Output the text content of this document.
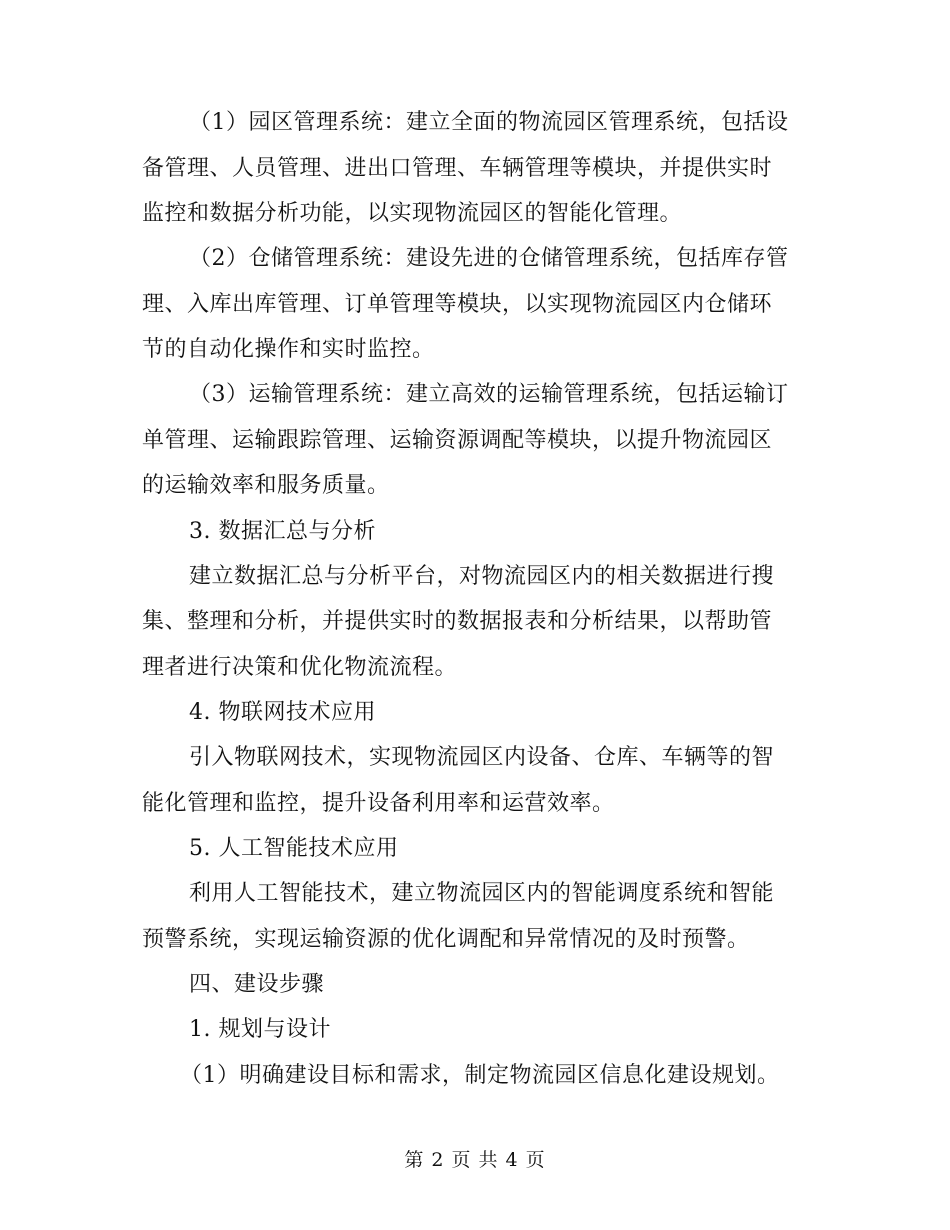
（1）园区管理系统：建立全面的物流园区管理系统，包括设
备管理、人员管理、进出口管理、车辆管理等模块，并提供实时
监控和数据分析功能，以实现物流园区的智能化管理。
（2）仓储管理系统：建设先进的仓储管理系统，包括库存管
理、入库出库管理、订单管理等模块，以实现物流园区内仓储环
节的自动化操作和实时监控。
（3）运输管理系统：建立高效的运输管理系统，包括运输订
单管理、运输跟踪管理、运输资源调配等模块，以提升物流园区
的运输效率和服务质量。
3. 数据汇总与分析
建立数据汇总与分析平台，对物流园区内的相关数据进行搜
集、整理和分析，并提供实时的数据报表和分析结果，以帮助管
理者进行决策和优化物流流程。
4. 物联网技术应用
引入物联网技术，实现物流园区内设备、仓库、车辆等的智
能化管理和监控，提升设备利用率和运营效率。
5. 人工智能技术应用
利用人工智能技术，建立物流园区内的智能调度系统和智能
预警系统，实现运输资源的优化调配和异常情况的及时预警。
四、建设步骤
1. 规划与设计
（1）明确建设目标和需求，制定物流园区信息化建设规划。
第 2 页 共 4 页
